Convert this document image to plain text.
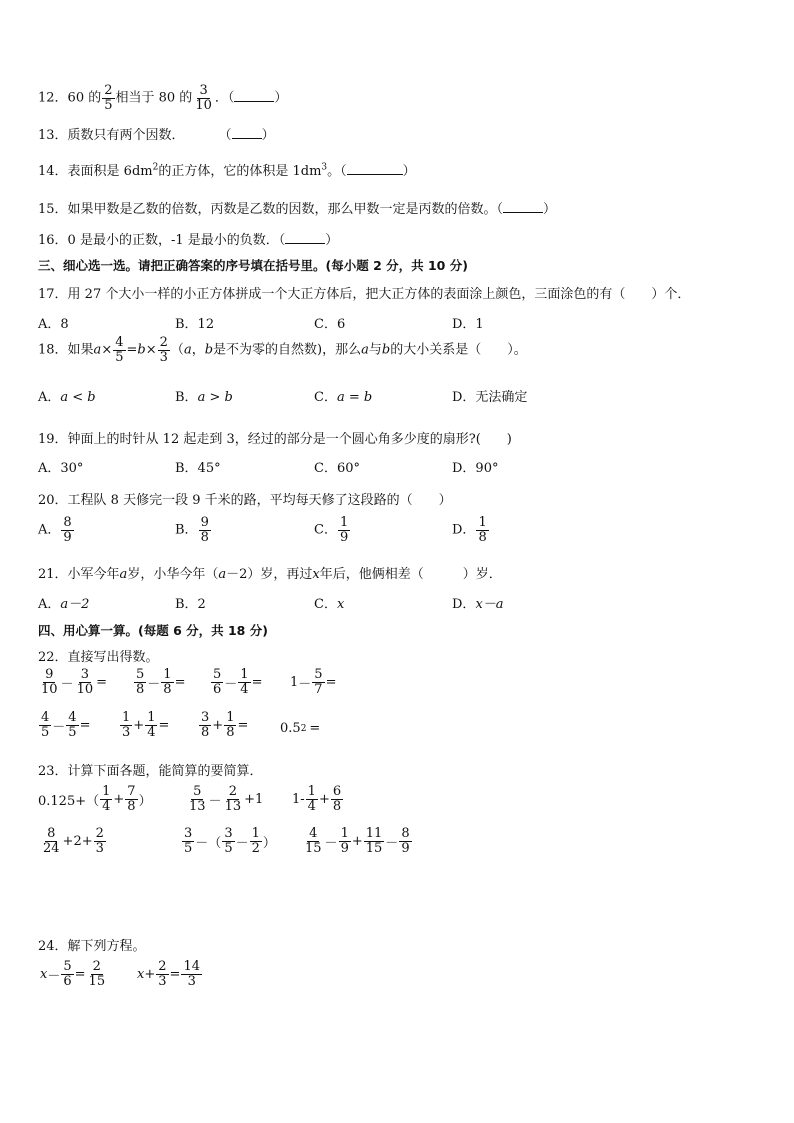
12．60 的 $\frac{2}{5}$ 相当于 80 的 $\frac{3}{10}$ ．（	）
13．质数只有两个因数．	（ ）
14．表面积是 $6dm^2$的正方体，它的体积是 $1dm^3$。（	）
15．如果甲数是乙数的倍数，丙数是乙数的因数，那么甲数一定是丙数的倍数。（	）
16．0 是最小的正数，-1 是最小的负数．（	）
三、细心选一选。请把正确答案的序号填在括号里。(每小题 2 分，共 10 分)
17．用 27 个大小一样的小正方体拼成一个大正方体后，把大正方体的表面涂上颜色，三面涂色的有（　　）个．
A．8	B．12	C．6	D．1
18．如果$a\times \frac{4}{5} =b\times \frac{2}{3} (a$，b是不为零的自然数)，那么a与b的大小关系是（　　）。
A．a < b	B．a > b	C．a = b	D．无法确定
19．钟面上的时针从 12 起走到 3，经过的部分是一个圆心角多少度的扇形?(　　)
A．30°	B．45°	C．60°	D．90°
20．工程队 8 天修完一段 9 千米的路，平均每天修了这段路的（　　）
A． $\frac{8}{9}$	B． $\frac{9}{8}$	C． $\frac{1}{9}$	D． $\frac{1}{8}$
21．小军今年a岁，小华今年（a－2）岁，再过x年后，他俩相差（　　　）岁．
A．a－2	B．2	C．x	D．x－a
四、用心算一算。(每题 6 分，共 18 分)
22．直接写出得数。
$\frac{9}{10} - \frac{3}{10} = \frac{5}{8} - \frac{1}{8} = \frac{5}{6} - \frac{1}{4} = 1 - \frac{5}{7}$ =
$\frac{4}{5} - \frac{4}{5} = \frac{1}{3} + \frac{1}{4} = \frac{3}{8} + \frac{1}{8} = 0.5$ 2 =
23．计算下面各题，能简算的要简算．
$0.125+( \frac{1}{4} + \frac{7}{8}$ ）	$\frac{5}{13} - \frac{2}{13} +1$ $1- \frac{1}{4} + \frac{6}{8}$
$\frac{8}{24} +2+ \frac{2}{3}$	$\frac{3}{5}$ － （ $\frac{3}{5} - \frac{1}{2}$ ） $\frac{4}{15} - \frac{1}{9} + \frac{11}{15} - \frac{8}{9}$
24．解下列方程。
$x - \frac{5}{6} = \frac{2}{15}$ $x + \frac{2}{3} = \frac{14}{3}$
